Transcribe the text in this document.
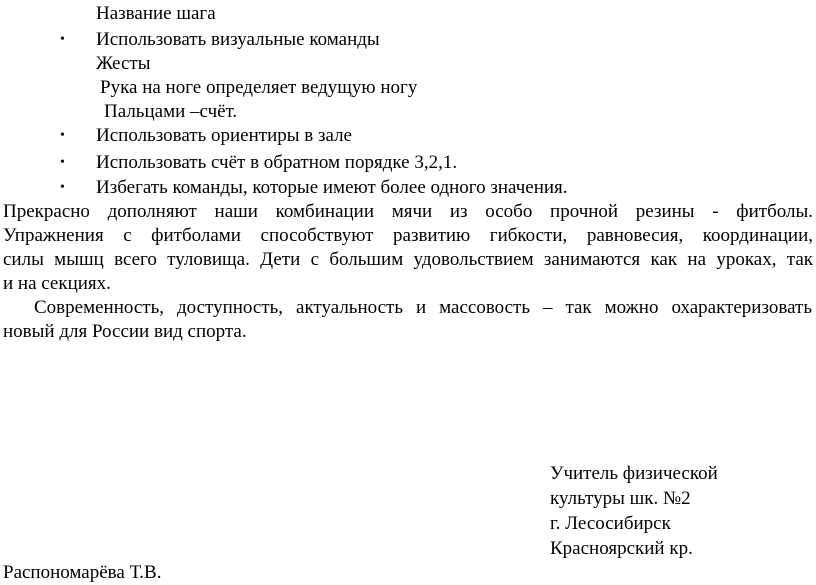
Название шага
• Использовать визуальные команды
Жесты
Рука на ноге определяет ведущую ногу
Пальцами –счёт.
• Использовать ориентиры в зале
• Использовать счёт в обратном порядке 3,2,1.
• Избегать команды, которые имеют более одного значения.
Прекрасно дополняют наши комбинации мячи из особо прочной резины - фитболы.
Упражнения с фитболами способствуют развитию гибкости, равновесия, координации,
силы мышц всего туловища. Дети с большим удовольствием занимаются как на уроках, так
и на секциях.
Современность, доступность, актуальность и массовость – так можно охарактеризовать
новый для России вид спорта.
Учитель физической
культуры шк. №2
г. Лесосибирск
Красноярский кр.
Распономарёва Т.В.
